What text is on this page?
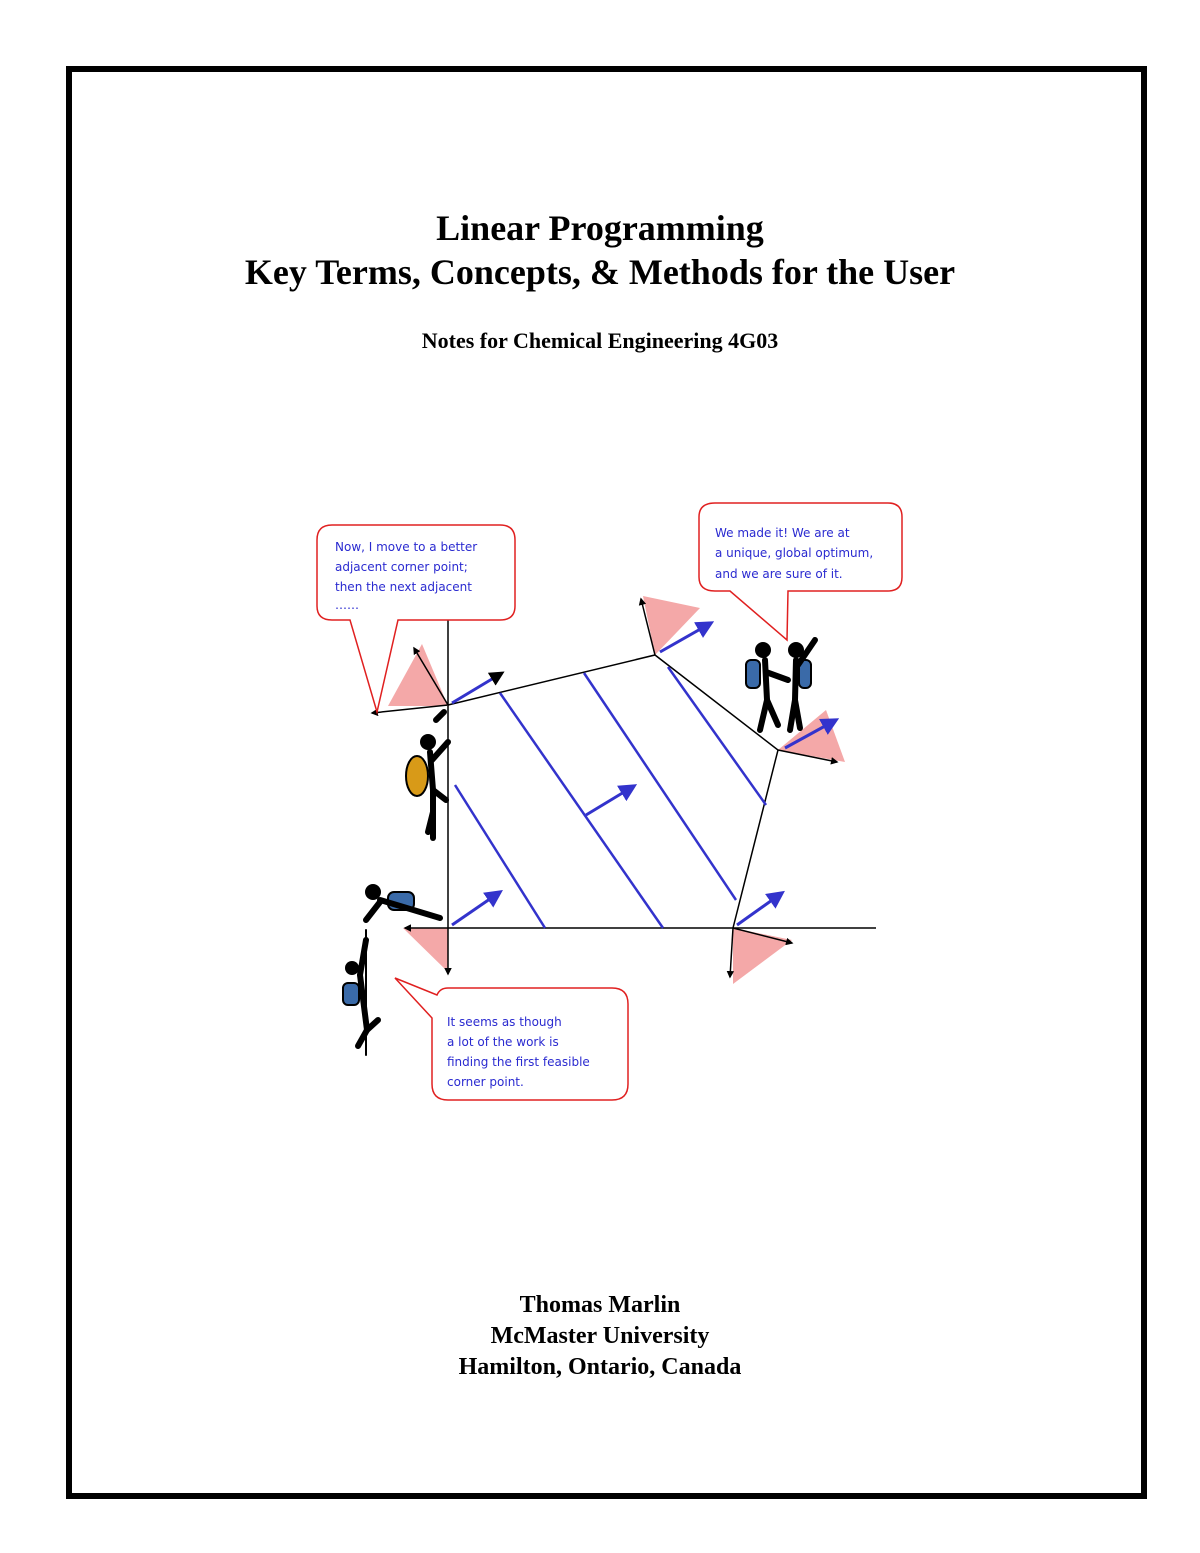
Linear Programming
Key Terms, Concepts, & Methods for the User
Notes for Chemical Engineering 4G03
Now, I move to a better
adjacent corner point;
then the next adjacent
……
We made it! We are at
a unique, global optimum,
and we are sure of it.
It seems as though
a lot of the work is
finding the first feasible
corner point.
Thomas Marlin
McMaster University
Hamilton, Ontario, Canada
